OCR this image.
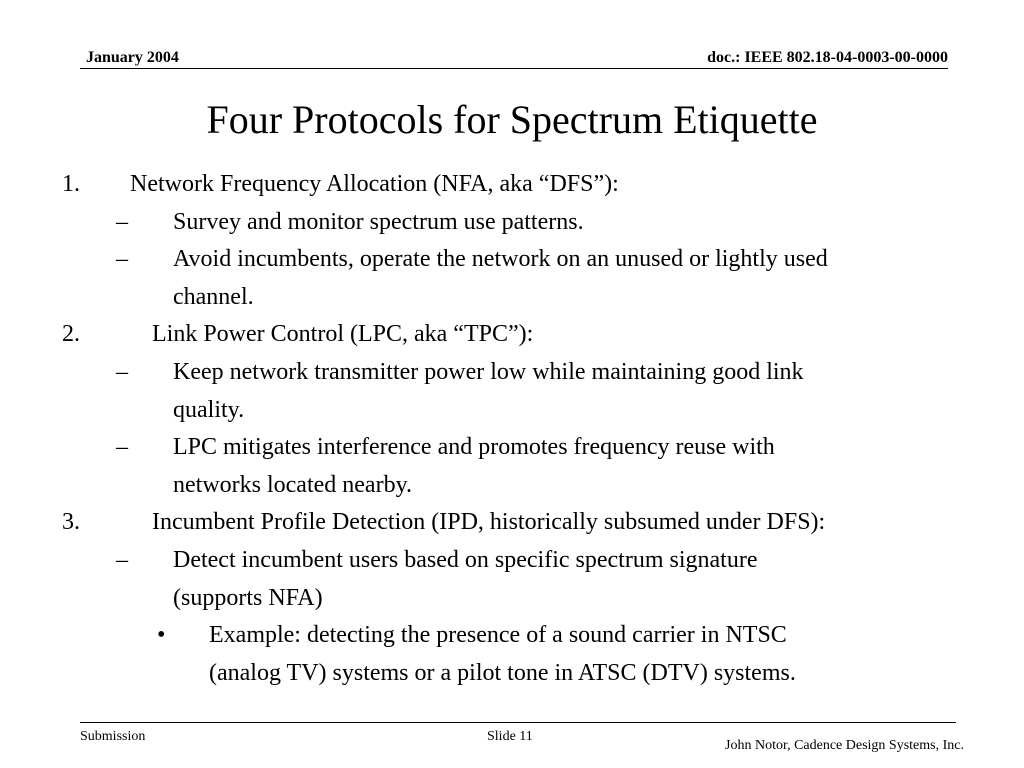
January 2004	doc.: IEEE 802.18-04-0003-00-0000
Four Protocols for Spectrum Etiquette
1. Network Frequency Allocation (NFA, aka “DFS”):

– Survey and monitor spectrum use patterns.

– Avoid incumbents, operate the network on an unused or lightly used

channel.

2.	Link Power Control (LPC, aka “TPC”):

– Keep network transmitter power low while maintaining good link

quality.

– LPC mitigates interference and promotes frequency reuse with

networks located nearby.

3.	Incumbent Profile Detection (IPD, historically subsumed under DFS):

– Detect incumbent users based on specific spectrum signature

(supports NFA)

• Example: detecting the presence of a sound carrier in NTSC

(analog TV) systems or a pilot tone in ATSC (DTV) systems.

Submission	Slide 11
John Notor, Cadence Design Systems, Inc.
